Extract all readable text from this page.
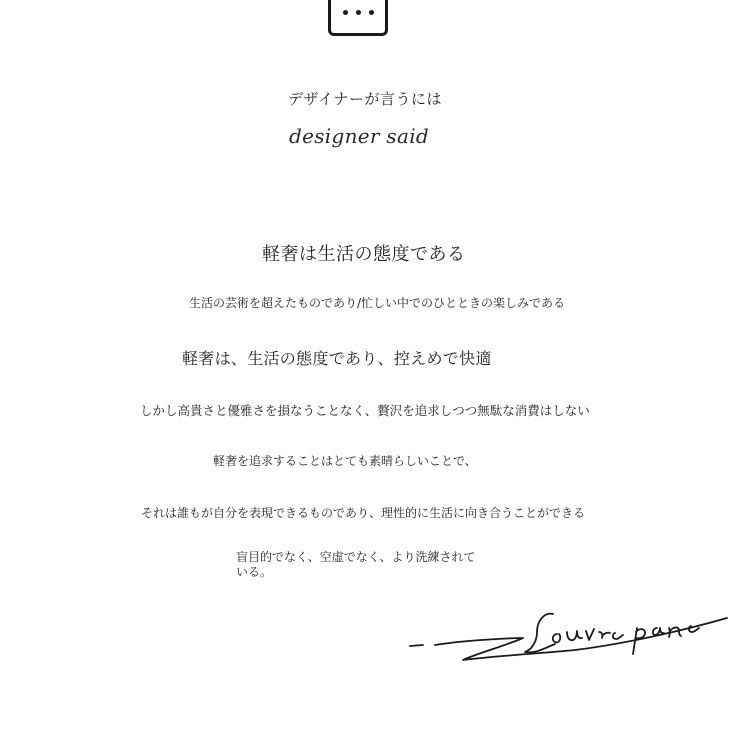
デザイナーが言うには
designer said
軽奢は生活の態度である
生活の芸術を超えたものであり/忙しい中でのひとときの楽しみである
軽奢は、生活の態度であり、控えめで快適
しかし高貴さと優雅さを損なうことなく、贅沢を追求しつつ無駄な消費はしない
軽奢を追求することはとても素晴らしいことで、
それは誰もが自分を表現できるものであり、理性的に生活に向き合うことができる
盲目的でなく、空虚でなく、より洗練されている。
